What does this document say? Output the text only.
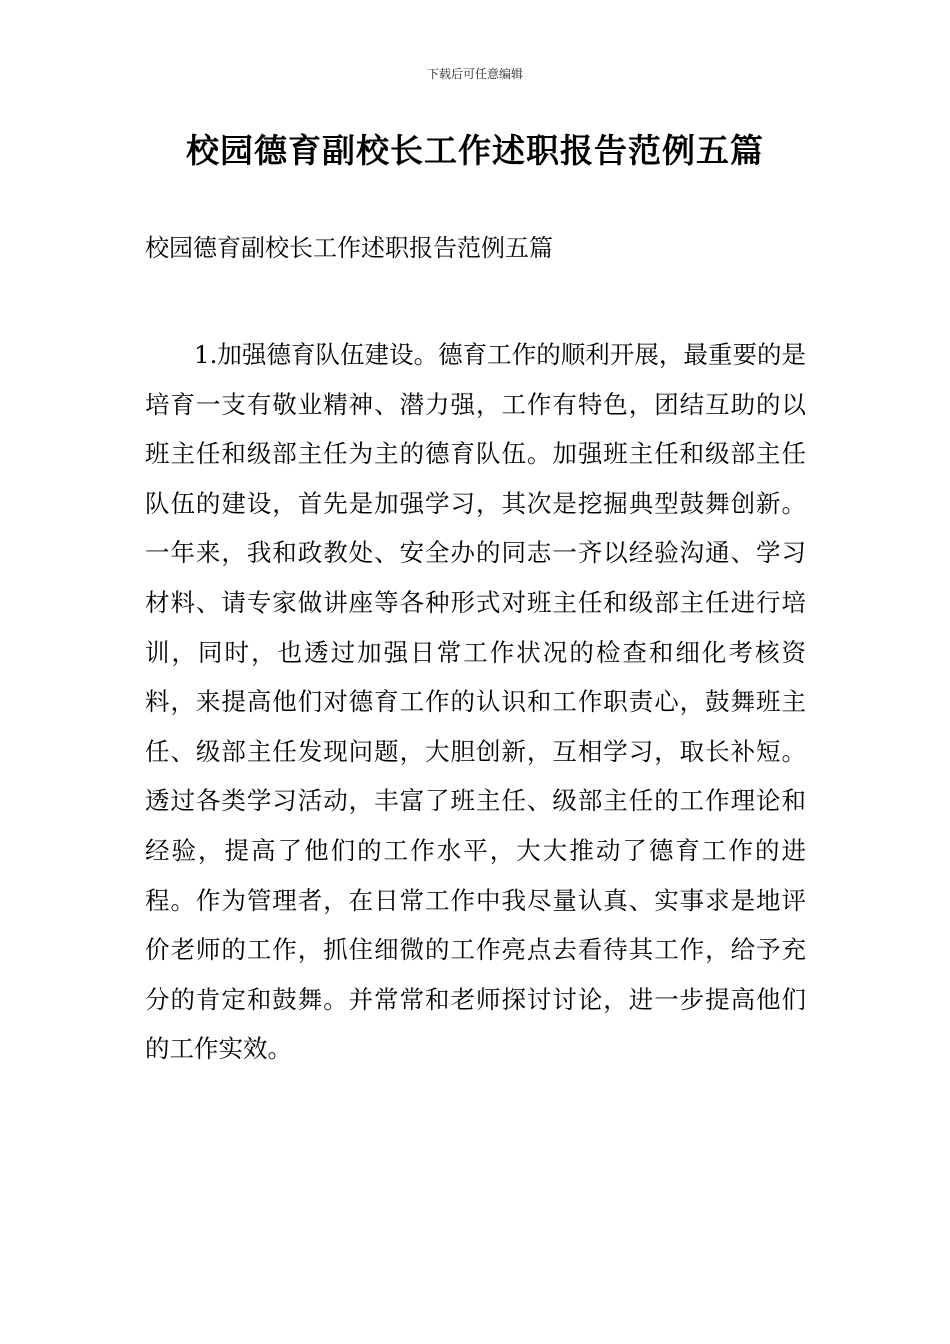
下载后可任意编辑
校园德育副校长工作述职报告范例五篇

校园德育副校长工作述职报告范例五篇

1.加强德育队伍建设。德育工作的顺利开展，最重要的是培育一支有敬业精神、潜力强，工作有特色，团结互助的以班主任和级部主任为主的德育队伍。加强班主任和级部主任队伍的建设，首先是加强学习，其次是挖掘典型鼓舞创新。一年来，我和政教处、安全办的同志一齐以经验沟通、学习材料、请专家做讲座等各种形式对班主任和级部主任进行培训，同时，也透过加强日常工作状况的检查和细化考核资料，来提高他们对德育工作的认识和工作职责心，鼓舞班主任、级部主任发现问题，大胆创新，互相学习，取长补短。透过各类学习活动，丰富了班主任、级部主任的工作理论和经验，提高了他们的工作水平，大大推动了德育工作的进程。作为管理者，在日常工作中我尽量认真、实事求是地评价老师的工作，抓住细微的工作亮点去看待其工作，给予充分的肯定和鼓舞。并常常和老师探讨讨论，进一步提高他们的工作实效。
